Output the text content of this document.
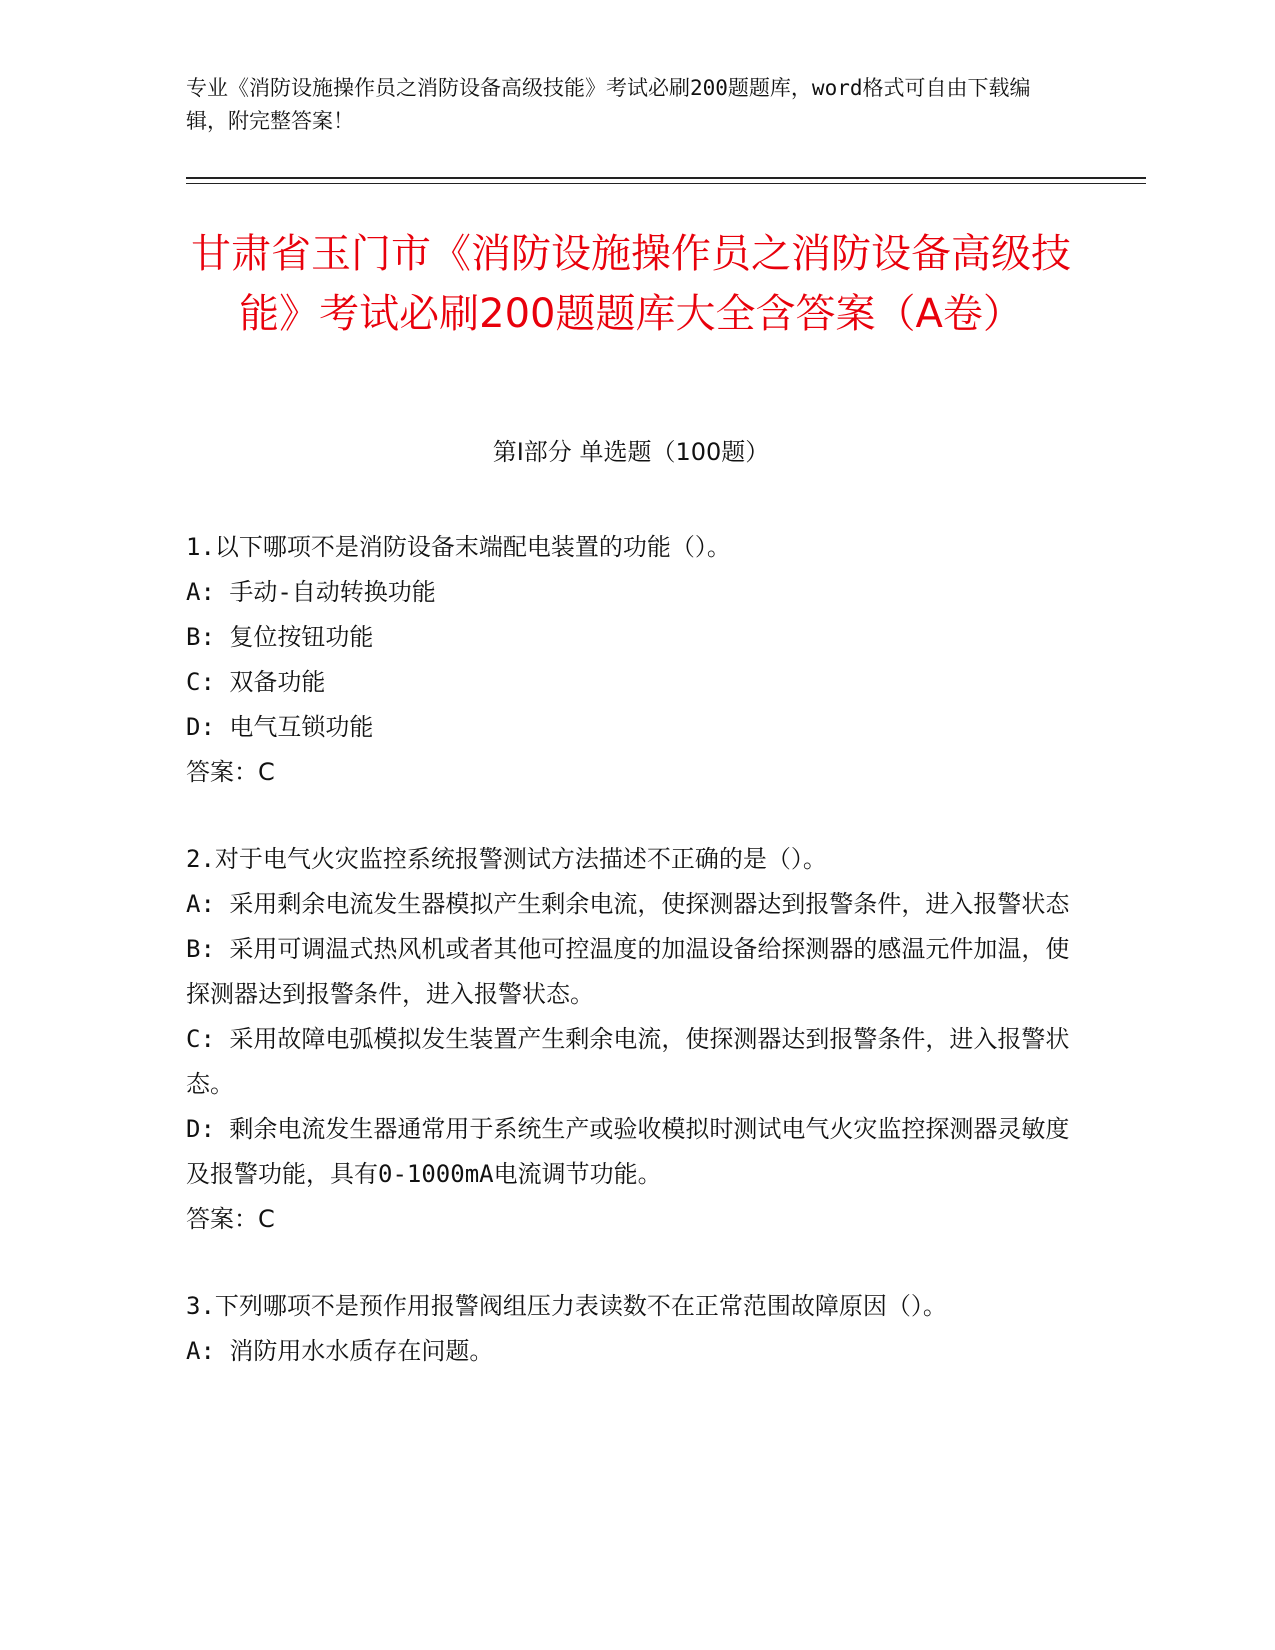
专业《消防设施操作员之消防设备高级技能》考试必刷200题题库，word格式可自由下载编辑，附完整答案！
甘肃省玉门市《消防设施操作员之消防设备高级技能》考试必刷200题题库大全含答案（A卷）
第Ⅰ部分 单选题（100题）

1.以下哪项不是消防设备末端配电装置的功能（）。

A: 手动-自动转换功能

B: 复位按钮功能

C: 双备功能

D: 电气互锁功能

答案：C

2.对于电气火灾监控系统报警测试方法描述不正确的是（）。

A: 采用剩余电流发生器模拟产生剩余电流，使探测器达到报警条件，进入报警状态

B: 采用可调温式热风机或者其他可控温度的加温设备给探测器的感温元件加温，使探测器达到报警条件，进入报警状态。

C: 采用故障电弧模拟发生装置产生剩余电流，使探测器达到报警条件，进入报警状态。

D: 剩余电流发生器通常用于系统生产或验收模拟时测试电气火灾监控探测器灵敏度及报警功能，具有0-1000mA电流调节功能。

答案：C

3.下列哪项不是预作用报警阀组压力表读数不在正常范围故障原因（）。

A: 消防用水水质存在问题。
